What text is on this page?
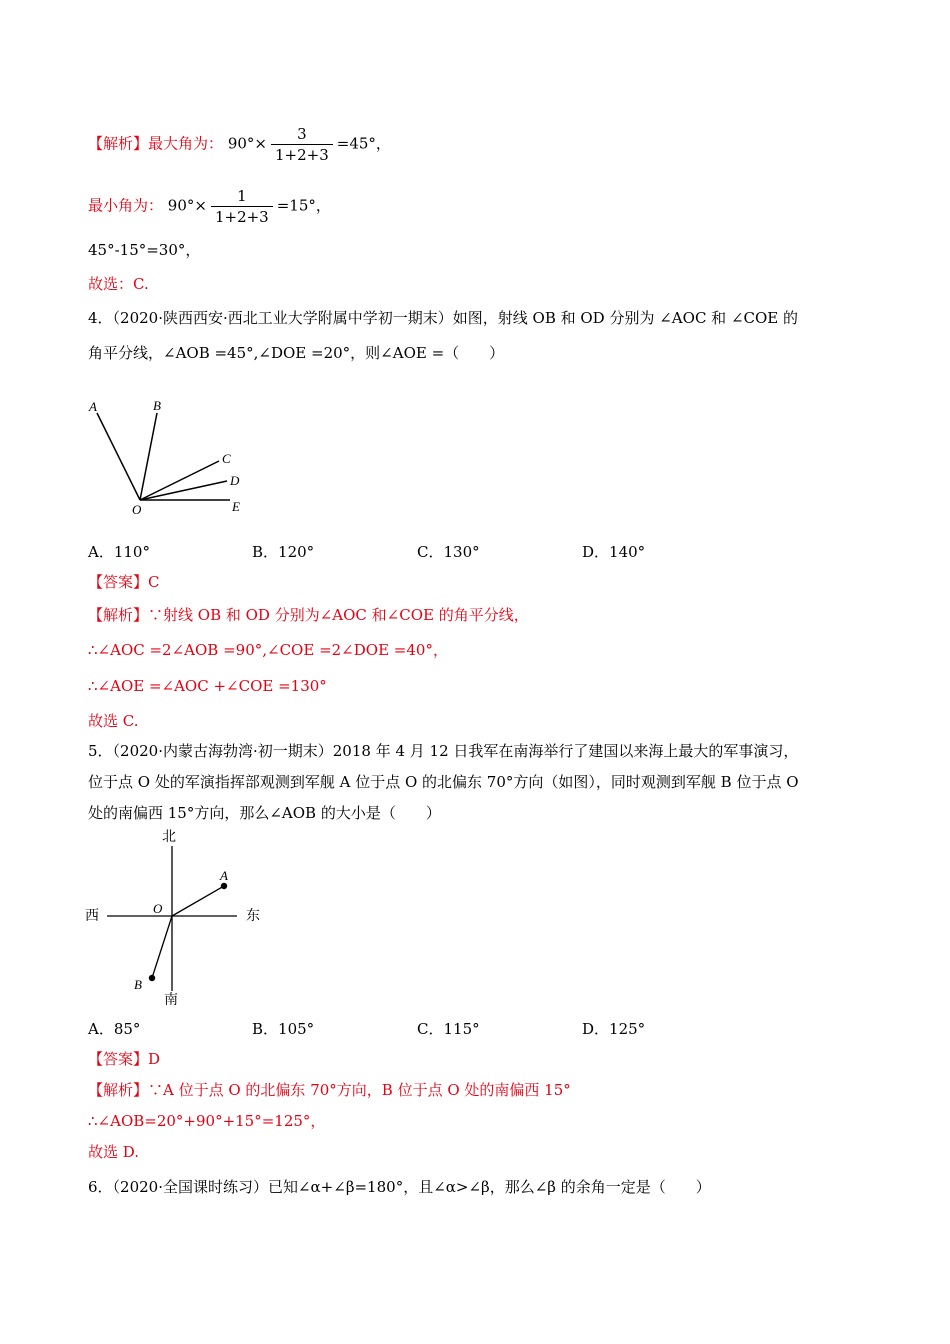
【解析】最大角为： $90^\circ\times \frac{3}{1+2+3} =45^\circ$，
最小角为： $90^\circ\times \frac{1}{1+2+3} =15^\circ$，
45°-15°=30°，
故选：C.
4．（2020·陕西西安·西北工业大学附属中学初一期末）如图，射线 OB 和 OD 分别为 ∠AOC 和 ∠COE 的
角平分线，∠AOB =45°,∠DOE =20°，则∠AOE =（　　）
A	B
C
D
E
O
A．110°	B．120°	C．130°	D．140°
【答案】C
【解析】∵射线 OB 和 OD 分别为∠AOC 和∠COE 的角平分线，
∴∠AOC =2∠AOB =90°,∠COE =2∠DOE =40°，
∴∠AOE =∠AOC +∠COE =130°
故选 C.
5．（2020·内蒙古海勃湾·初一期末）2018 年 4 月 12 日我军在南海举行了建国以来海上最大的军事演习，
位于点 O 处的军演指挥部观测到军舰 A 位于点 O 的北偏东 70°方向（如图），同时观测到军舰 B 位于点 O
处的南偏西 15°方向，那么∠AOB 的大小是（　　）
北
南
西	东
O
A
B
A．85°	B．105°	C．115°	D．125°
【答案】D
【解析】∵A 位于点 O 的北偏东 70°方向，B 位于点 O 处的南偏西 15°
∴∠AOB=20°+90°+15°=125°，
故选 D.
6．（2020·全国课时练习）已知∠α+∠β=180°，且∠α>∠β，那么∠β 的余角一定是（　　）
